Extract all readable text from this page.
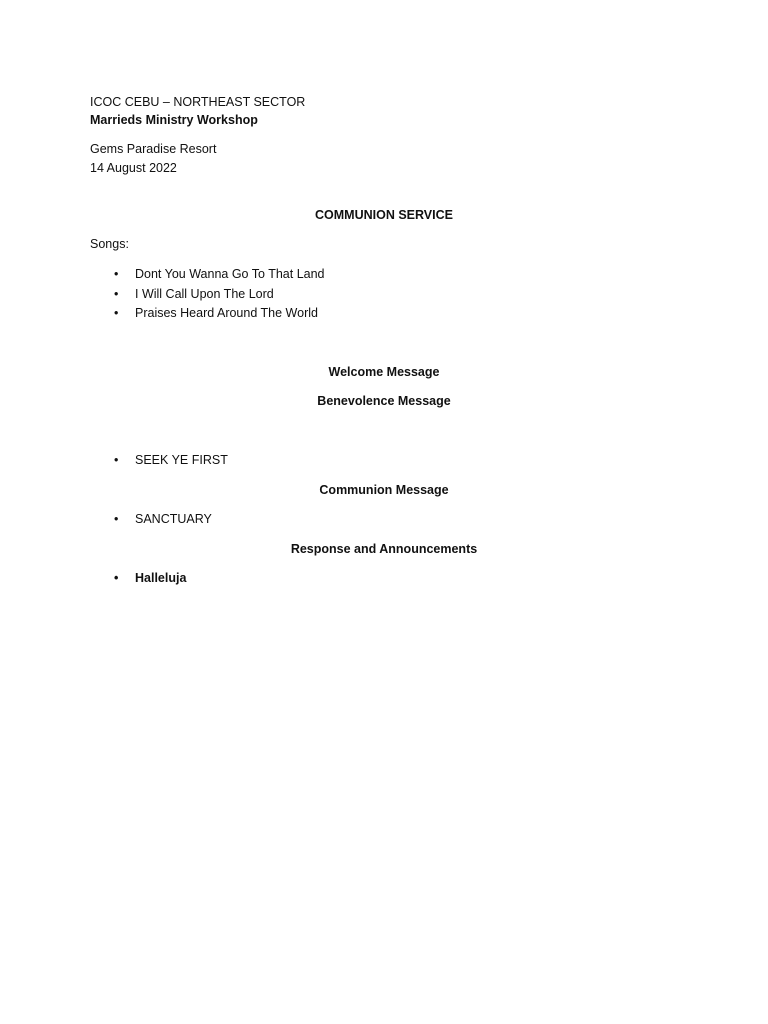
ICOC CEBU – NORTHEAST SECTOR
Marrieds Ministry Workshop
Gems Paradise Resort
14 August 2022
COMMUNION SERVICE
Songs:
• Dont You Wanna Go To That Land
• I Will Call Upon The Lord
• Praises Heard Around The World
Welcome Message
Benevolence Message
• SEEK YE FIRST
Communion Message
• SANCTUARY
Response and Announcements
• Halleluja
